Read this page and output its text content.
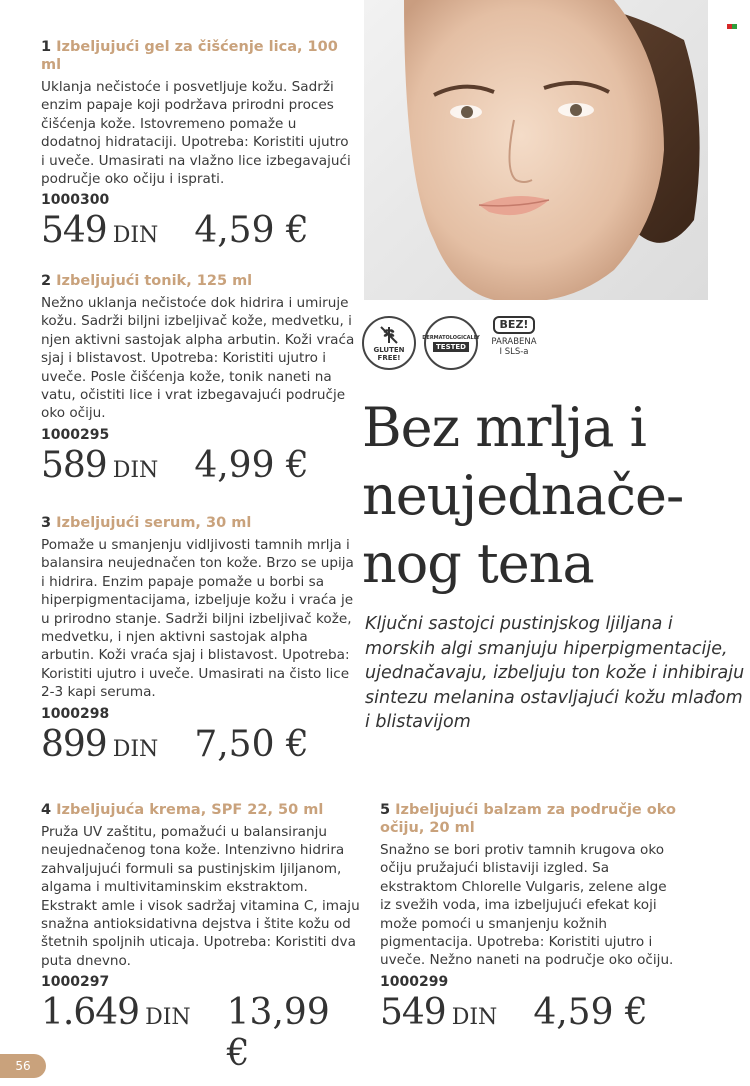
1 Izbeljujući gel za čišćenje lica, 100 ml
Uklanja nečistoće i posvetljuje kožu. Sadrži enzim papaje koji podržava prirodni proces čišćenja kože. Istovremeno pomaže u dodatnoj hidrataciji. Upotreba: Koristiti ujutro i uveče. Umasirati na vlažno lice izbegavajući područje oko očiju i isprati.
1000300
549 DIN 4,59 €
2 Izbeljujući tonik, 125 ml
Nežno uklanja nečistoće dok hidrira i umiruje kožu. Sadrži biljni izbeljivač kože, medvetku, i njen aktivni sastojak alpha arbutin. Koži vraća sjaj i blistavost. Upotreba: Koristiti ujutro i uveče. Posle čišćenja kože, tonik naneti na vatu, očistiti lice i vrat izbegavajući područje oko očiju.
1000295
589 DIN 4,99 €
3 Izbeljujući serum, 30 ml
Pomaže u smanjenju vidljivosti tamnih mrlja i balansira neujednačen ton kože. Brzo se upija i hidrira. Enzim papaje pomaže u borbi sa hiperpigmentacijama, izbeljuje kožu i vraća je u prirodno stanje. Sadrži biljni izbeljivač kože, medvetku, i njen aktivni sastojak alpha arbutin. Koži vraća sjaj i blistavost. Upotreba: Koristiti ujutro i uveče. Umasirati na čisto lice 2-3 kapi seruma.
1000298
899 DIN 7,50 €
4 Izbeljujuća krema, SPF 22, 50 ml
Pruža UV zaštitu, pomažući u balansiranju neujednačenog tona kože. Intenzivno hidrira zahvaljujući formuli sa pustinjskim ljiljanom, algama i multivitaminskim ekstraktom. Ekstrakt amle i visok sadržaj vitamina C, imaju snažna antioksidativna dejstva i štite kožu od štetnih spoljnih uticaja. Upotreba: Koristiti dva puta dnevno.
1000297
1.649 DIN 13,99 €
GLUTEN FREE!
DERMATOLOGICALLY
TESTED
BEZ!
PARABENA
I SLS-a
Bez mrlja i
neujednače-
nog tena
Ključni sastojci pustinjskog ljiljana i morskih algi smanjuju hiperpigmentacije, ujednačavaju, izbeljuju ton kože i inhibiraju sintezu melanina ostavljajući kožu mlađom i blistavijom
5 Izbeljujući balzam za područje oko očiju, 20 ml
Snažno se bori protiv tamnih krugova oko očiju pružajući blistaviji izgled. Sa ekstraktom Chlorelle Vulgaris, zelene alge iz svežih voda, ima izbeljujući efekat koji može pomoći u smanjenju kožnih pigmentacija. Upotreba: Koristiti ujutro i uveče. Nežno naneti na područje oko očiju.
1000299
549 DIN 4,59 €
56
